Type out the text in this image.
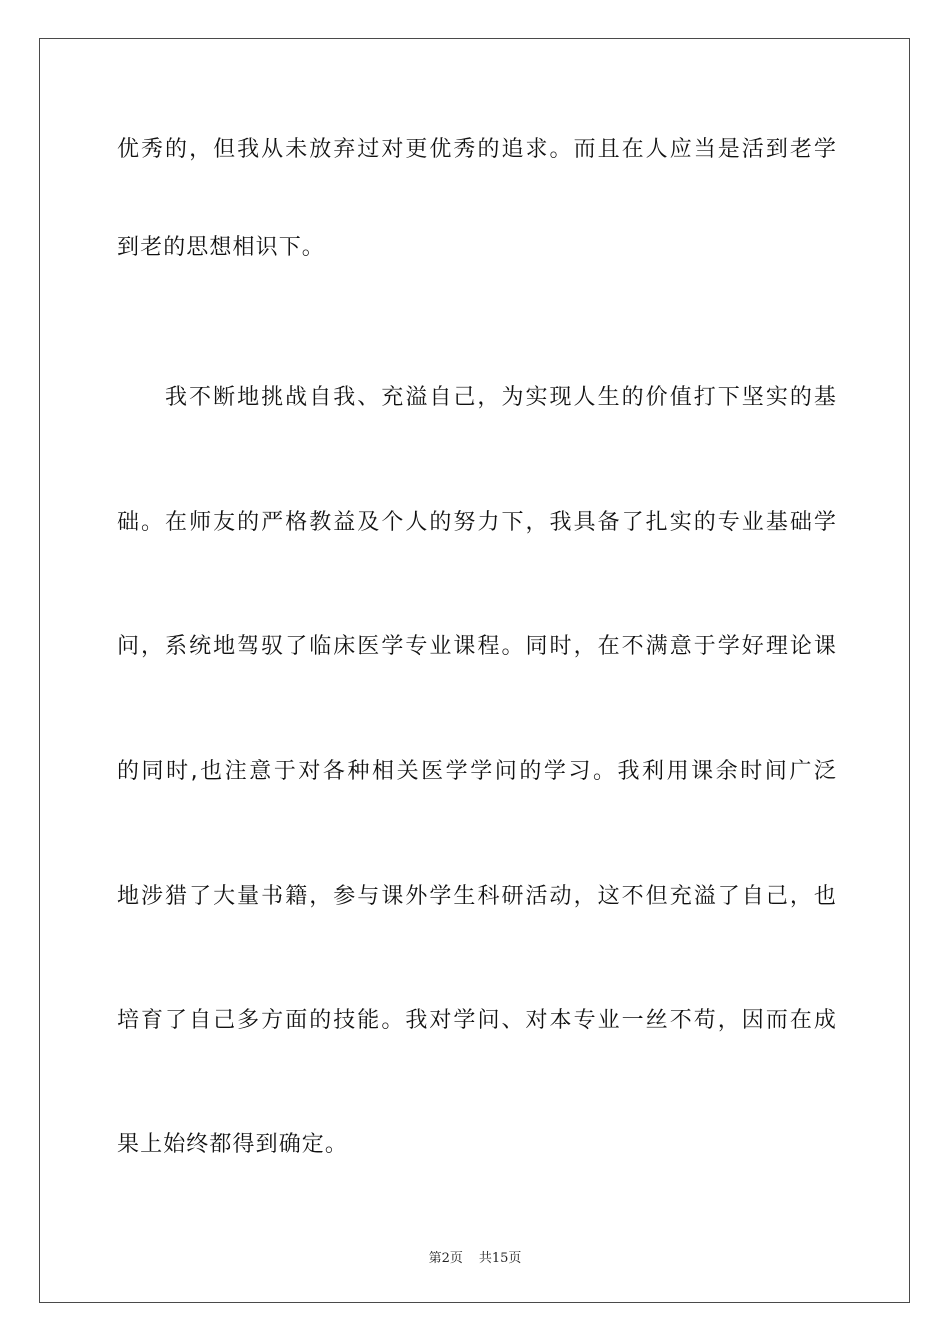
优秀的，但我从未放弃过对更优秀的追求。而且在人应当是活到老学
到老的思想相识下。
我不断地挑战自我、充溢自己，为实现人生的价值打下坚实的基
础。在师友的严格教益及个人的努力下，我具备了扎实的专业基础学
问，系统地驾驭了临床医学专业课程。同时，在不满意于学好理论课
的同时,也注意于对各种相关医学学问的学习。我利用课余时间广泛
地涉猎了大量书籍，参与课外学生科研活动，这不但充溢了自己，也
培育了自己多方面的技能。我对学问、对本专业一丝不苟，因而在成
果上始终都得到确定。
第2页 共15页
